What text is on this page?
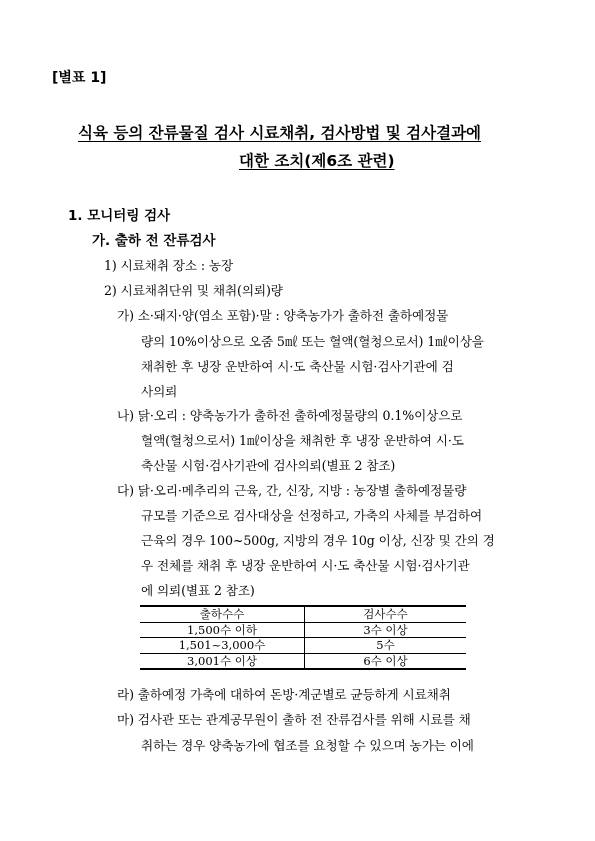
[별표 1]
식육 등의 잔류물질 검사 시료채취, 검사방법 및 검사결과에
대한 조치(제6조 관련)
1. 모니터링 검사
가. 출하 전 잔류검사
1) 시료채취 장소 : 농장
2) 시료채취단위 및 채취(의뢰)량
가) 소·돼지·양(염소 포함)·말 : 양축농가가 출하전 출하예정물
량의 10%이상으로 오줌 5㎖ 또는 혈액(혈청으로서) 1㎖이상을
채취한 후 냉장 운반하여 시·도 축산물 시험·검사기관에 검
사의뢰
나) 닭·오리 : 양축농가가 출하전 출하예정물량의 0.1%이상으로
혈액(혈청으로서) 1㎖이상을 채취한 후 냉장 운반하여 시·도
축산물 시험·검사기관에 검사의뢰(별표 2 참조)
다) 닭·오리·메추리의 근육, 간, 신장, 지방 : 농장별 출하예정물량
규모를 기준으로 검사대상을 선정하고, 가축의 사체를 부검하여
근육의 경우 100~500g, 지방의 경우 10g 이상, 신장 및 간의 경
우 전체를 채취 후 냉장 운반하여 시·도 축산물 시험·검사기관
에 의뢰(별표 2 참조)
출하수수	검사수수
1,500수 이하	3수 이상
1,501~3,000수	5수
3,001수 이상	6수 이상
라) 출하예정 가축에 대하여 돈방·계군별로 균등하게 시료채취
마) 검사관 또는 관계공무원이 출하 전 잔류검사를 위해 시료를 채
취하는 경우 양축농가에 협조를 요청할 수 있으며 농가는 이에
